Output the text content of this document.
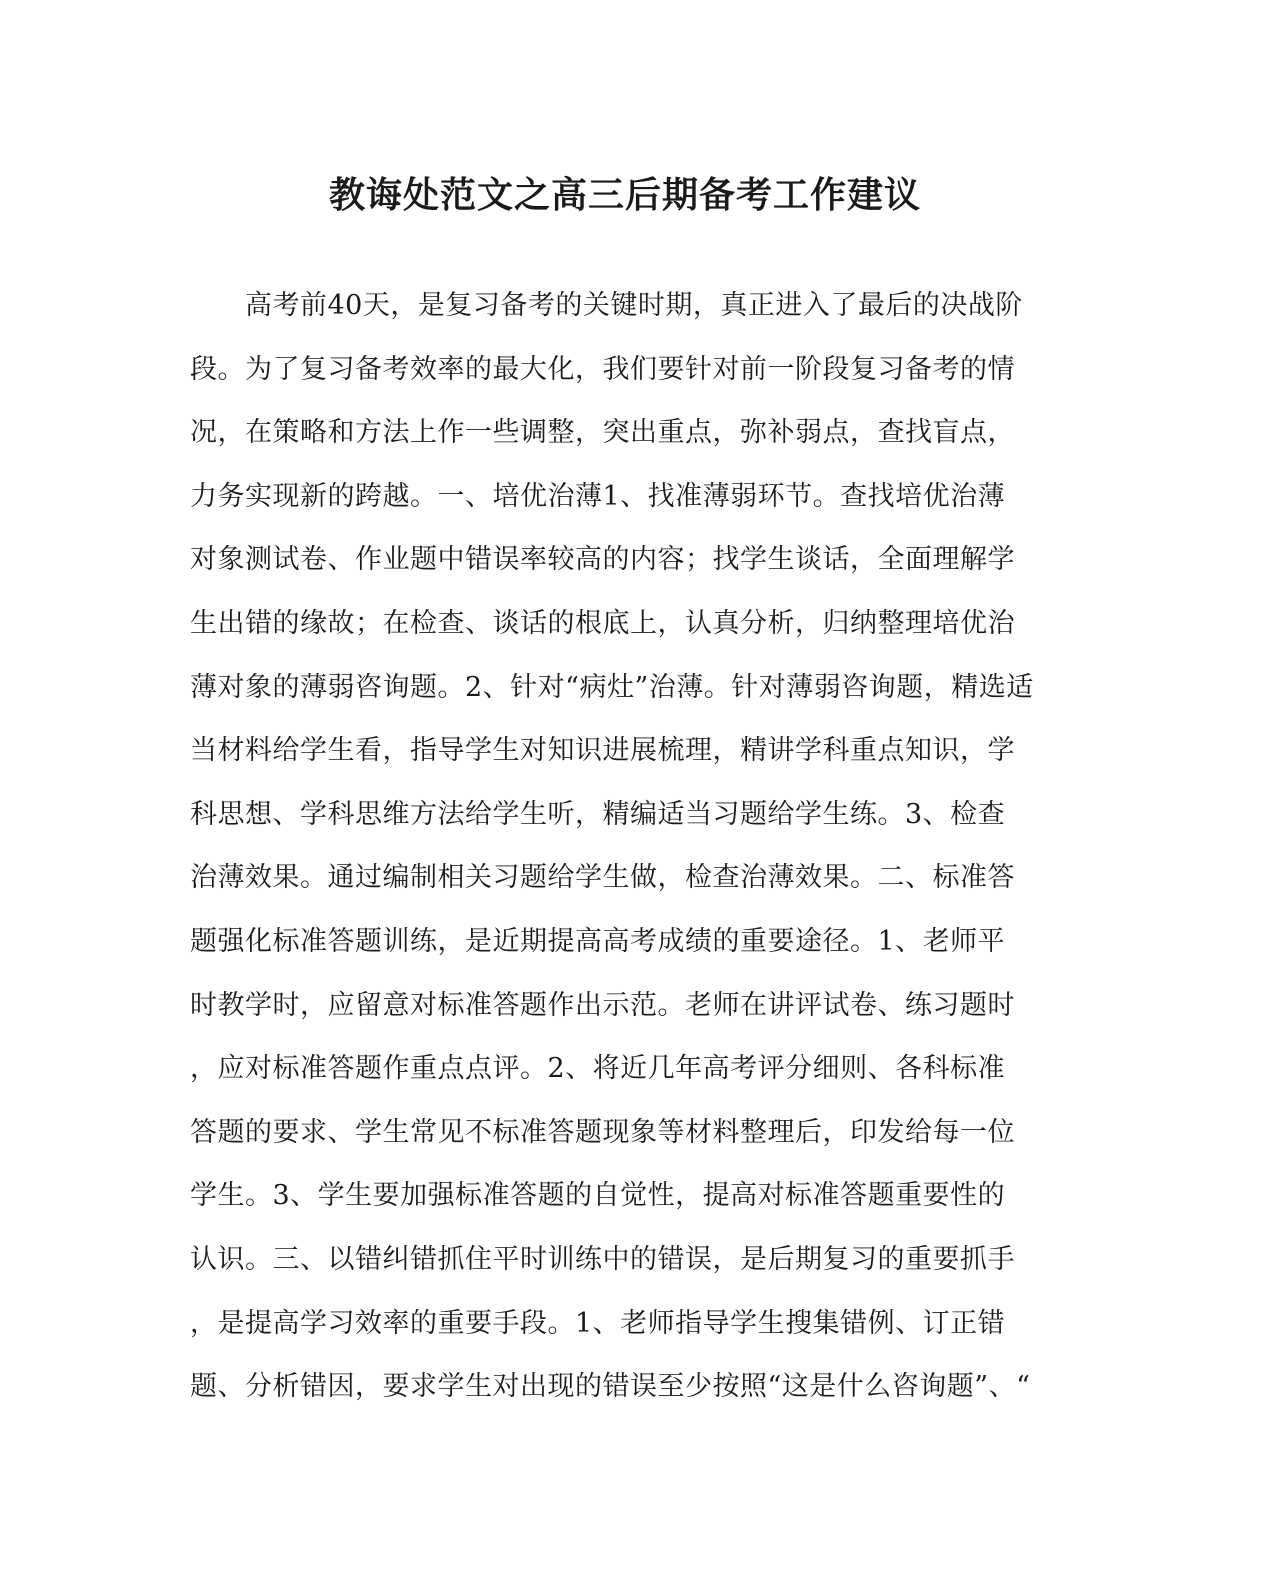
教诲处范文之高三后期备考工作建议
　　高考前40天，是复习备考的关键时期，真正进入了最后的决战阶
段。为了复习备考效率的最大化，我们要针对前一阶段复习备考的情
况，在策略和方法上作一些调整，突出重点，弥补弱点，查找盲点，
力务实现新的跨越。一、培优治薄1、找准薄弱环节。查找培优治薄
对象测试卷、作业题中错误率较高的内容；找学生谈话，全面理解学
生出错的缘故；在检查、谈话的根底上，认真分析，归纳整理培优治
薄对象的薄弱咨询题。2、针对“病灶”治薄。针对薄弱咨询题，精选适
当材料给学生看，指导学生对知识进展梳理，精讲学科重点知识，学
科思想、学科思维方法给学生听，精编适当习题给学生练。3、检查
治薄效果。通过编制相关习题给学生做，检查治薄效果。二、标准答
题强化标准答题训练，是近期提高高考成绩的重要途径。1、老师平
时教学时，应留意对标准答题作出示范。老师在讲评试卷、练习题时
，应对标准答题作重点点评。2、将近几年高考评分细则、各科标准
答题的要求、学生常见不标准答题现象等材料整理后，印发给每一位
学生。3、学生要加强标准答题的自觉性，提高对标准答题重要性的
认识。三、以错纠错抓住平时训练中的错误，是后期复习的重要抓手
，是提高学习效率的重要手段。1、老师指导学生搜集错例、订正错
题、分析错因，要求学生对出现的错误至少按照“这是什么咨询题”、“
